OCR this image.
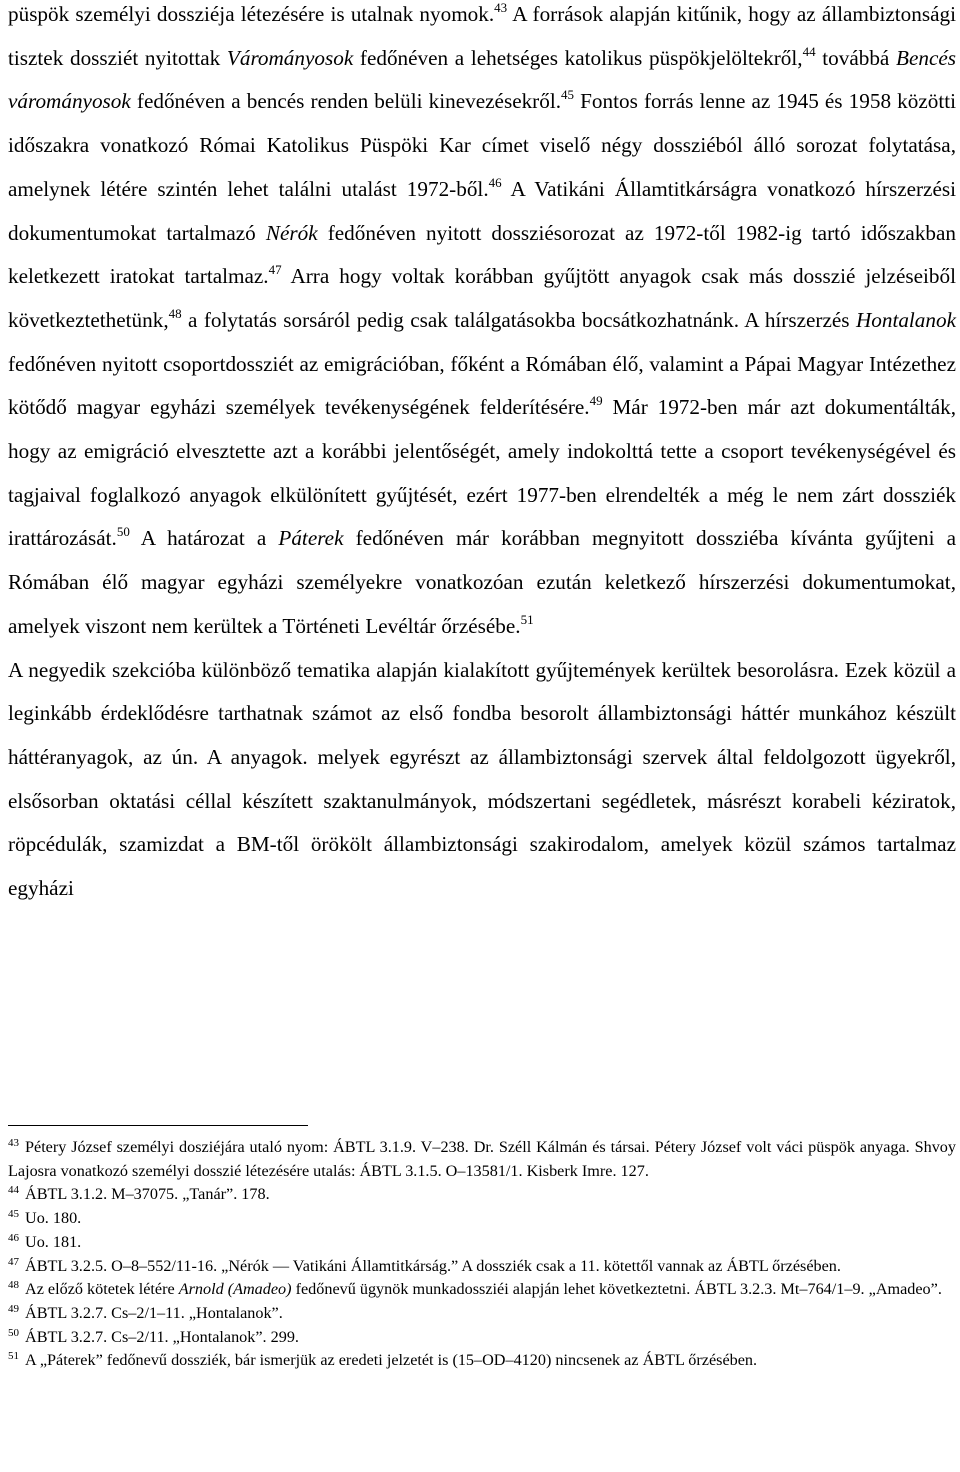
püspök személyi dossziéja létezésére is utalnak nyomok.$^{43}$ A források alapján kitűnik, hogy az állambiztonsági tisztek dossziét nyitottak Várományosok fedőnéven a lehetséges katolikus püspökjelöltekről,$^{44}$ továbbá Bencés várományosok fedőnéven a bencés renden belüli kinevezésekről.$^{45}$ Fontos forrás lenne az 1945 és 1958 közötti időszakra vonatkozó Római Katolikus Püspöki Kar címet viselő négy dossziéból álló sorozat folytatása, amelynek létére szintén lehet találni utalást 1972-ből.$^{46}$ A Vatikáni Államtitkárságra vonatkozó hírszerzési dokumentumokat tartalmazó Nérók fedőnéven nyitott dossziésorozat az 1972-től 1982-ig tartó időszakban keletkezett iratokat tartalmaz.$^{47}$ Arra hogy voltak korábban gyűjtött anyagok csak más dosszié jelzéseiből következtethetünk,$^{48}$ a folytatás sorsáról pedig csak találgatásokba bocsátkozhatnánk. A hírszerzés Hontalanok fedőnéven nyitott csoportdossziét az emigrációban, főként a Rómában élő, valamint a Pápai Magyar Intézethez kötődő magyar egyházi személyek tevékenységének felderítésére.$^{49}$ Már 1972-ben már azt dokumentálták, hogy az emigráció elvesztette azt a korábbi jelentőségét, amely indokolttá tette a csoport tevékenységével és tagjaival foglalkozó anyagok elkülönített gyűjtését, ezért 1977-ben elrendelték a még le nem zárt dossziék irattározását.$^{50}$ A határozat a Páterek fedőnéven már korábban megnyitott dossziéba kívánta gyűjteni a Rómában élő magyar egyházi személyekre vonatkozóan ezután keletkező hírszerzési dokumentumokat, amelyek viszont nem kerültek a Történeti Levéltár őrzésébe.$^{51}$

A negyedik szekcióba különböző tematika alapján kialakított gyűjtemények kerültek besorolásra. Ezek közül a leginkább érdeklődésre tarthatnak számot az első fondba besorolt állambiztonsági háttér munkához készült háttéranyagok, az ún. A anyagok. melyek egyrészt az állambiztonsági szervek által feldolgozott ügyekről, elsősorban oktatási céllal készített szaktanulmányok, módszertani segédletek, másrészt korabeli kéziratok, röpcédulák, szamizdat a BM-től örökölt állambiztonsági szakirodalom, amelyek közül számos tartalmaz egyházi

$^{43}$ Pétery József személyi dosziéjára utaló nyom: ÁBTL 3.1.9. V–238. Dr. Széll Kálmán és társai. Pétery József volt váci püspök anyaga. Shvoy Lajosra vonatkozó személyi dosszié létezésére utalás: ÁBTL 3.1.5. O–13581/1. Kisberk Imre. 127.

$^{44}$ ÁBTL 3.1.2. M–37075. „Tanár”. 178.

$^{45}$ Uo. 180.

$^{46}$ Uo. 181.

$^{47}$ ÁBTL 3.2.5. O–8–552/11-16. „Nérók — Vatikáni Államtitkárság.” A dossziék csak a 11. kötettől vannak az ÁBTL őrzésében.

$^{48}$ Az előző kötetek létére Arnold (Amadeo) fedőnevű ügynök munkadossziéi alapján lehet következtetni. ÁBTL 3.2.3. Mt–764/1–9. „Amadeo”.

$^{49}$ ÁBTL 3.2.7. Cs–2/1–11. „Hontalanok”.

$^{50}$ ÁBTL 3.2.7. Cs–2/11. „Hontalanok”. 299.

$^{51}$ A „Páterek” fedőnevű dossziék, bár ismerjük az eredeti jelzetét is (15–OD–4120) nincsenek az ÁBTL őrzésében.
